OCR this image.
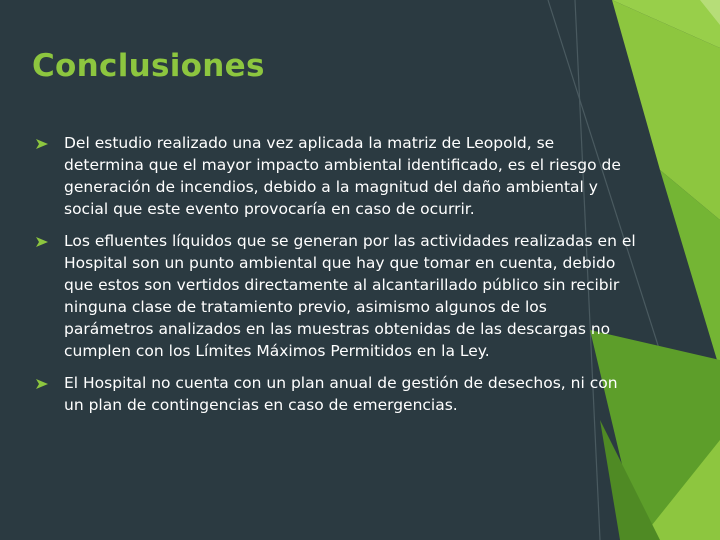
Conclusiones
Del estudio realizado una vez aplicada la matriz de Leopold, se determina que el mayor impacto ambiental identificado, es el riesgo de generación de incendios, debido a la magnitud del daño ambiental y social que este evento provocaría en caso de ocurrir.
Los efluentes líquidos que se generan por las actividades realizadas en el Hospital son un punto ambiental que hay que tomar en cuenta, debido que estos son vertidos directamente al alcantarillado público sin recibir ninguna clase de tratamiento previo, asimismo algunos de los parámetros analizados en las muestras obtenidas de las descargas no cumplen con los Límites Máximos Permitidos en la Ley.
El Hospital no cuenta con un plan anual de gestión de desechos, ni con un plan de contingencias en caso de emergencias.
